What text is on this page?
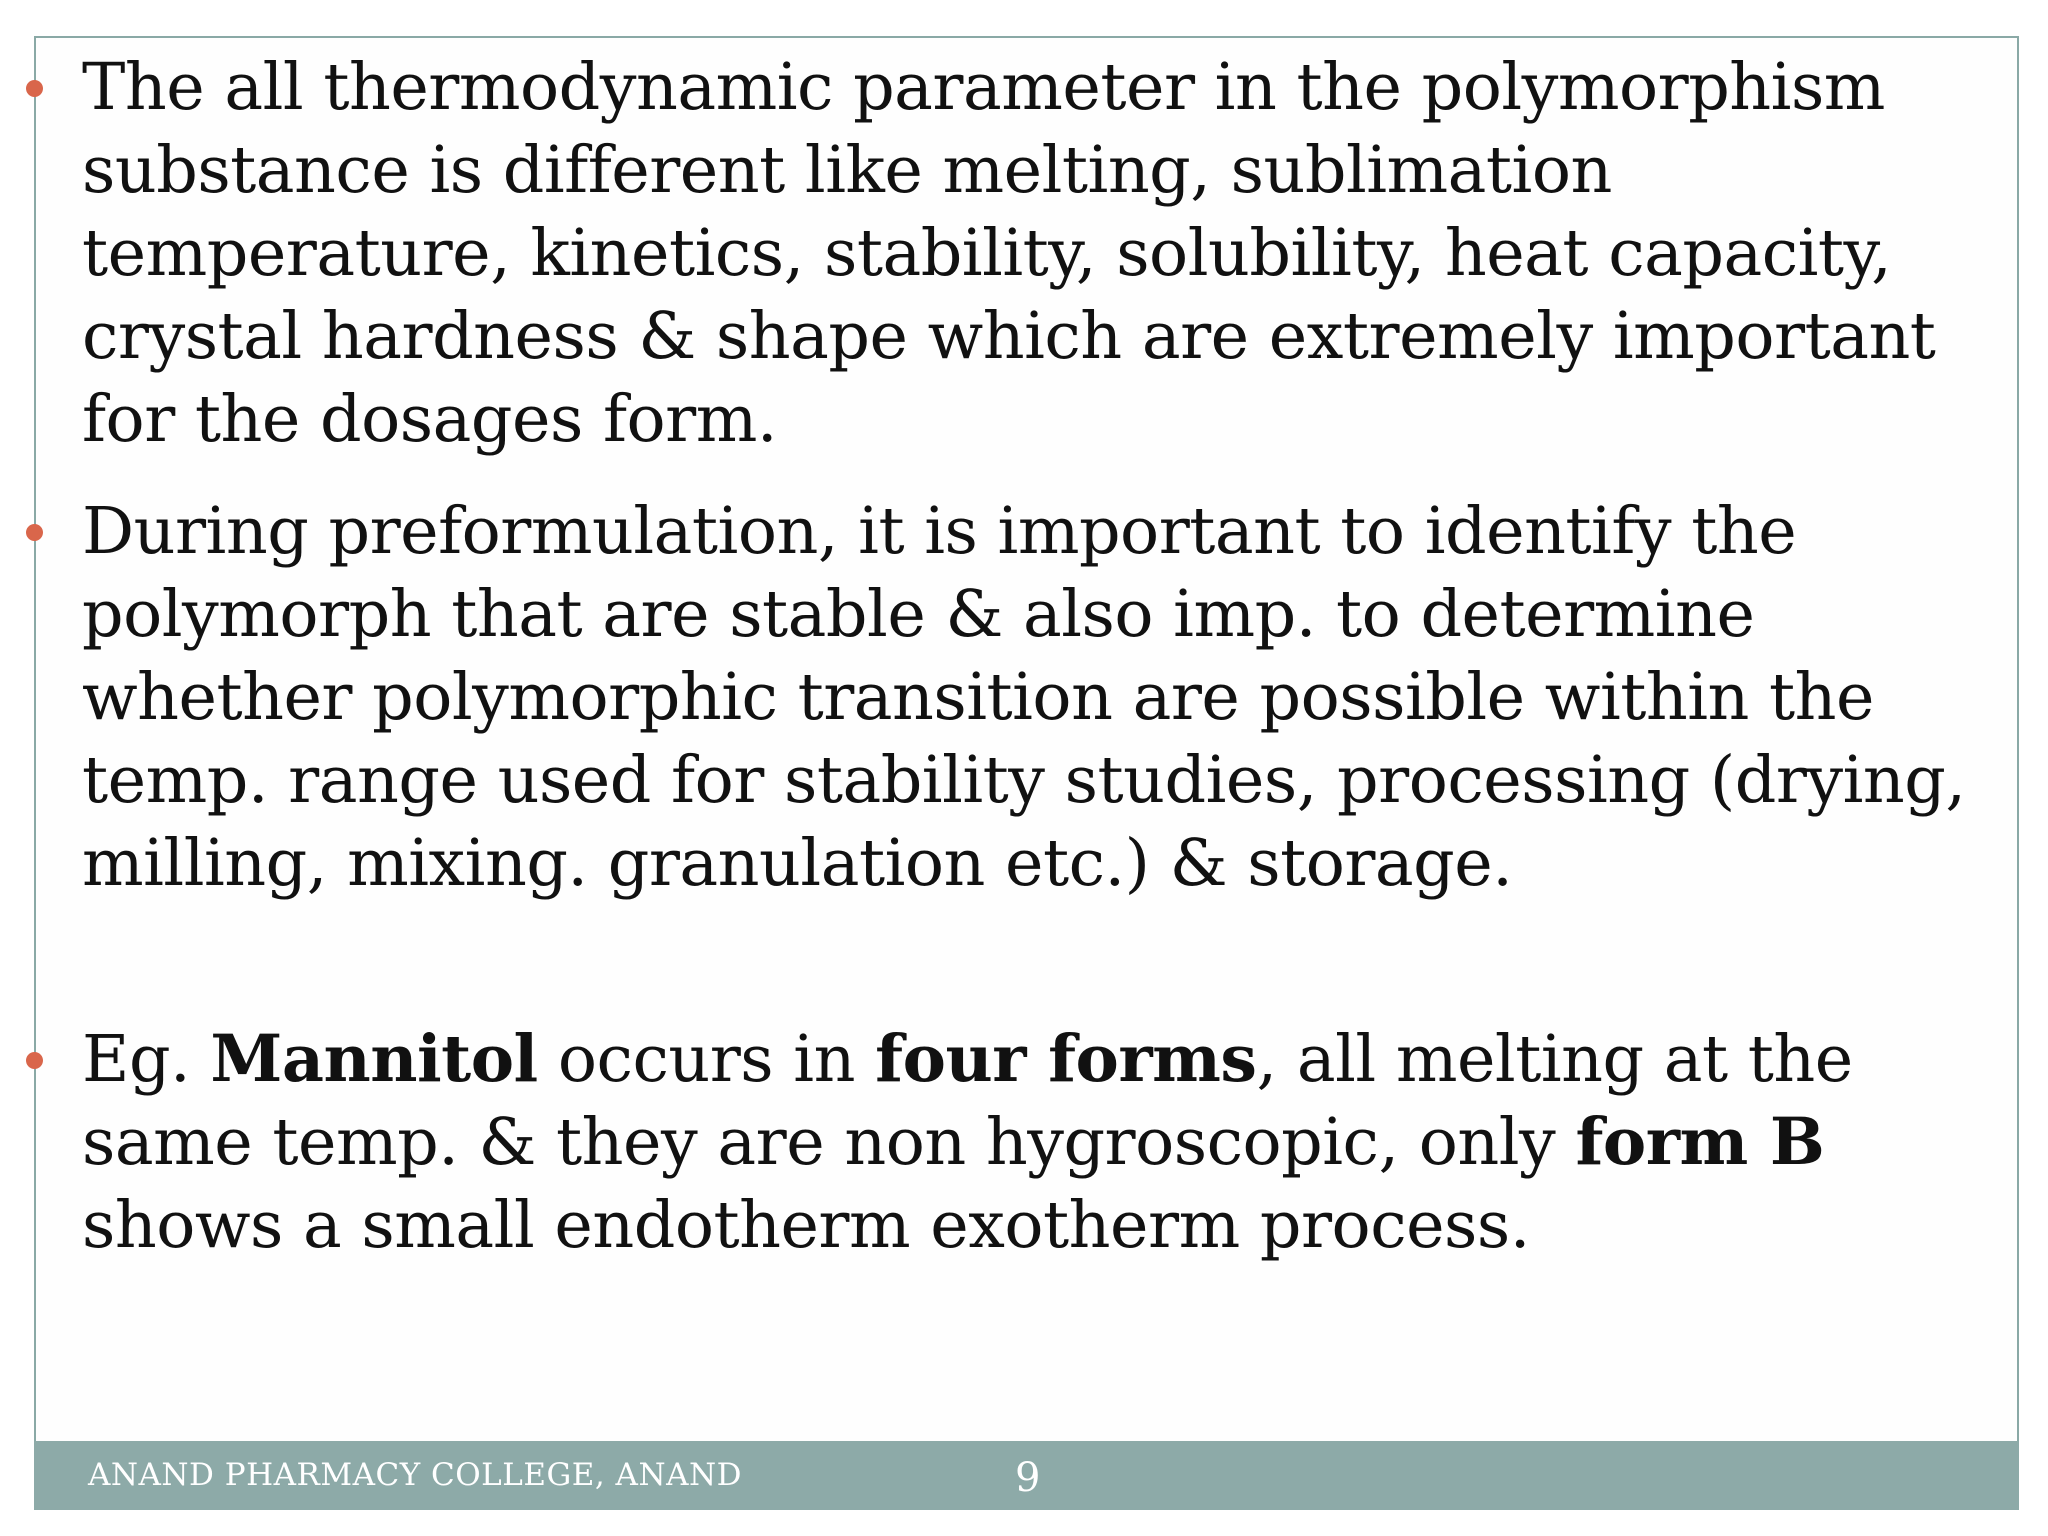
The all thermodynamic parameter in the polymorphism substance is different like melting, sublimation temperature, kinetics, stability, solubility, heat capacity, crystal hardness & shape which are extremely important for the dosages form.
During preformulation, it is important to identify the polymorph that are stable & also imp. to determine whether polymorphic transition are possible within the temp. range used for stability studies, processing (drying, milling, mixing. granulation etc.) & storage.
Eg. Mannitol occurs in four forms, all melting at the same temp. & they are non hygroscopic, only form B shows a small endotherm exotherm process.
ANAND PHARMACY COLLEGE, ANAND	9
